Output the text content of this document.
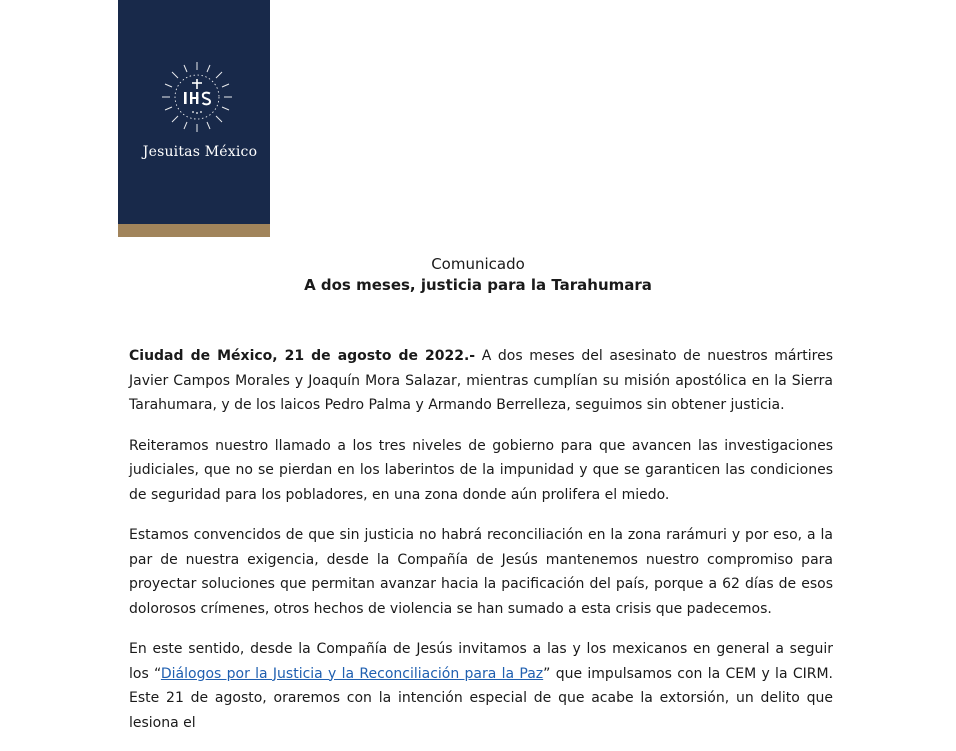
Jesuitas México
Comunicado
A dos meses, justicia para la Tarahumara

Ciudad de México, 21 de agosto de 2022.- A dos meses del asesinato de nuestros mártires Javier Campos Morales y Joaquín Mora Salazar, mientras cumplían su misión apostólica en la Sierra Tarahumara, y de los laicos Pedro Palma y Armando Berrelleza, seguimos sin obtener justicia.

Reiteramos nuestro llamado a los tres niveles de gobierno para que avancen las investigaciones judiciales, que no se pierdan en los laberintos de la impunidad y que se garanticen las condiciones de seguridad para los pobladores, en una zona donde aún prolifera el miedo.

Estamos convencidos de que sin justicia no habrá reconciliación en la zona rarámuri y por eso, a la par de nuestra exigencia, desde la Compañía de Jesús mantenemos nuestro compromiso para proyectar soluciones que permitan avanzar hacia la pacificación del país, porque a 62 días de esos dolorosos crímenes, otros hechos de violencia se han sumado a esta crisis que padecemos.

En este sentido, desde la Compañía de Jesús invitamos a las y los mexicanos en general a seguir los “Diálogos por la Justicia y la Reconciliación para la Paz” que impulsamos con la CEM y la CIRM. Este 21 de agosto, oraremos con la intención especial de que acabe la extorsión, un delito que lesiona el
